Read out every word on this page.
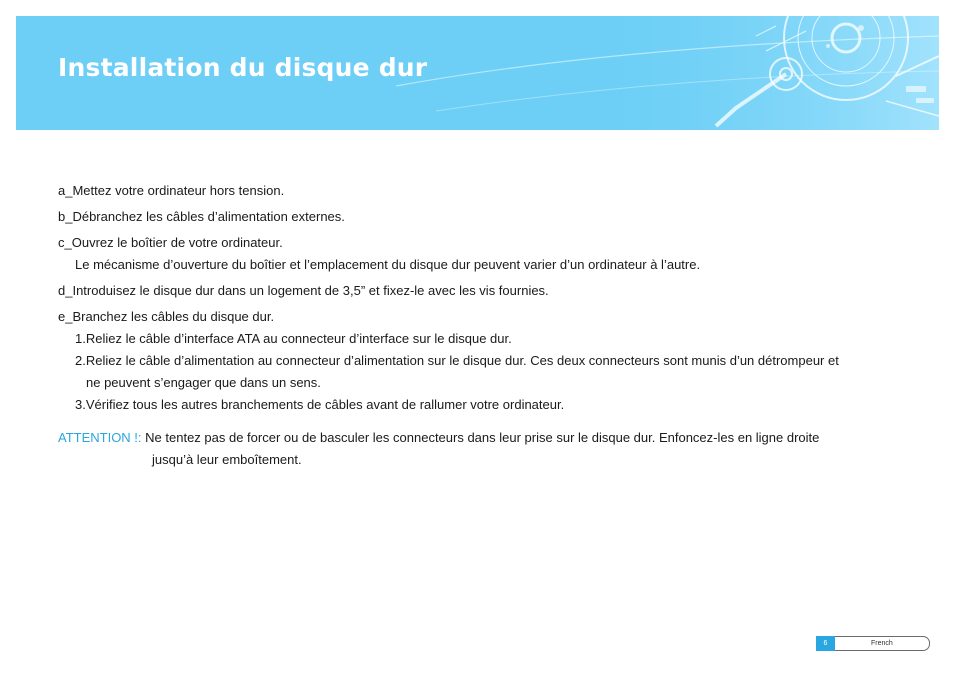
Installation du disque dur
a_Mettez votre ordinateur hors tension.
b_Débranchez les câbles d’alimentation externes.
c_Ouvrez le boîtier de votre ordinateur.
Le mécanisme d’ouverture du boîtier et l’emplacement du disque dur peuvent varier d’un ordinateur à l’autre.
d_Introduisez le disque dur dans un logement de 3,5” et fixez-le avec les vis fournies.
e_Branchez les câbles du disque dur.
1.Reliez le câble d’interface ATA au connecteur d’interface sur le disque dur.
2.Reliez le câble d’alimentation au connecteur d’alimentation sur le disque dur. Ces deux connecteurs sont munis d’un détrompeur et
ne peuvent s’engager que dans un sens.
3.Vérifiez tous les autres branchements de câbles avant de rallumer votre ordinateur.
ATTENTION !: Ne tentez pas de forcer ou de basculer les connecteurs dans leur prise sur le disque dur. Enfoncez-les en ligne droite
jusqu’à leur emboîtement.
6	French
